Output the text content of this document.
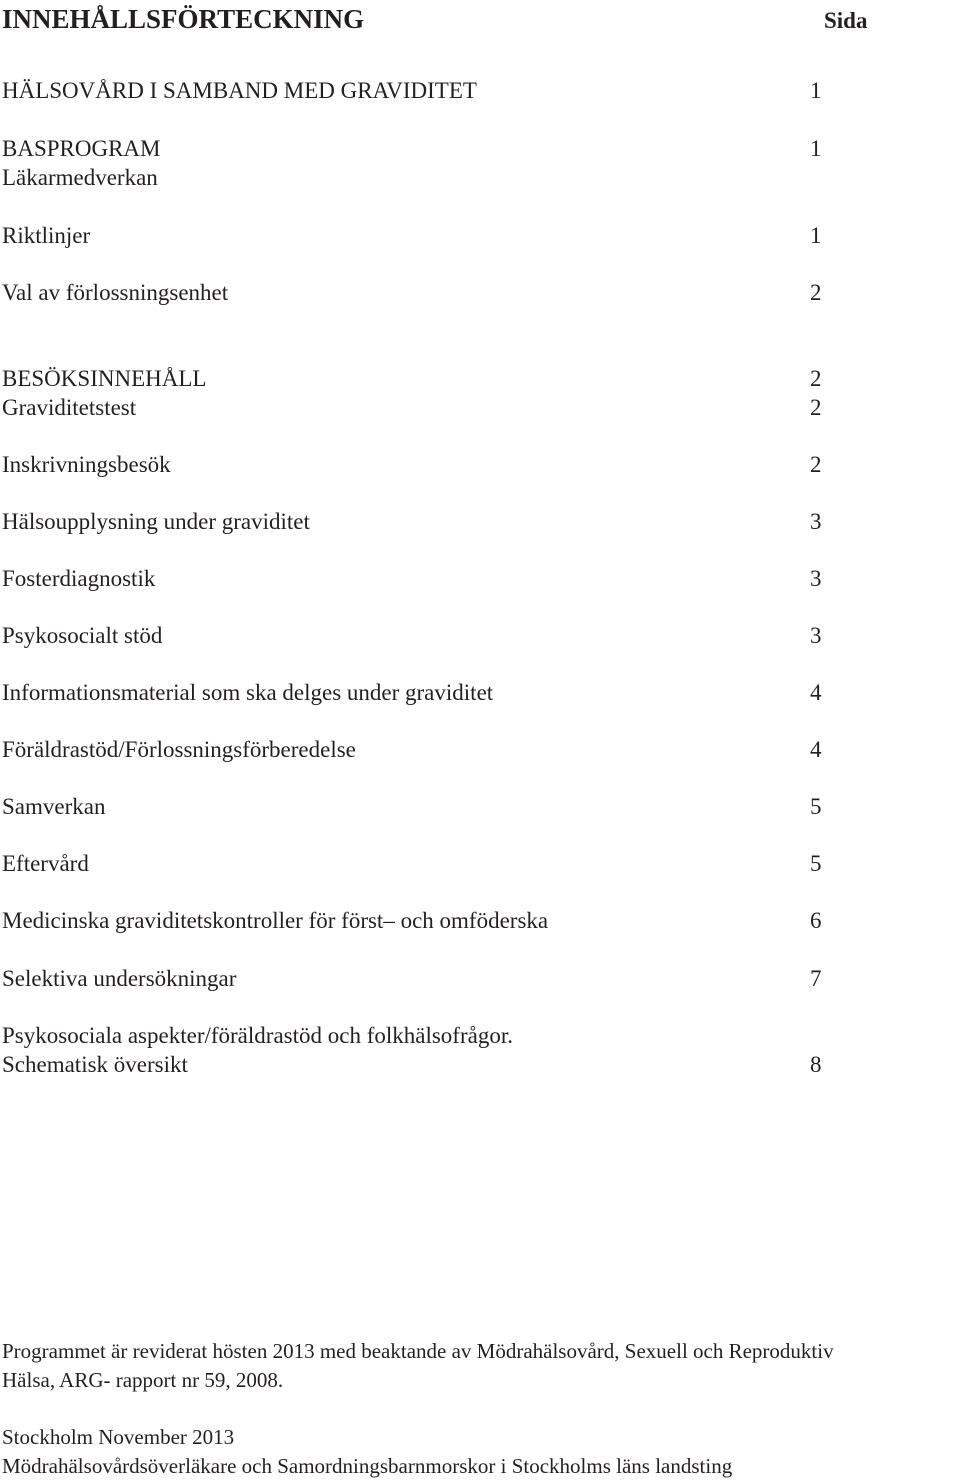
INNEHÅLLSFÖRTECKNING	Sida
HÄLSOVÅRD I SAMBAND MED GRAVIDITET	1
BASPROGRAM	1
Läkarmedverkan
Riktlinjer	1
Val av förlossningsenhet	2
BESÖKSINNEHÅLL	2
Graviditetstest	2
Inskrivningsbesök	2
Hälsoupplysning under graviditet	3
Fosterdiagnostik	3
Psykosocialt stöd	3
Informationsmaterial som ska delges under graviditet	4
Föräldrastöd/Förlossningsförberedelse	4
Samverkan	5
Eftervård	5
Medicinska graviditetskontroller för först– och omföderska	6
Selektiva undersökningar	7
Psykosociala aspekter/föräldrastöd och folkhälsofrågor.
Schematisk översikt	8
Programmet är reviderat hösten 2013 med beaktande av Mödrahälsovård, Sexuell och Reproduktiv
Hälsa, ARG- rapport nr 59, 2008.
Stockholm November 2013
Mödrahälsovårdsöverläkare och Samordningsbarnmorskor i Stockholms läns landsting
